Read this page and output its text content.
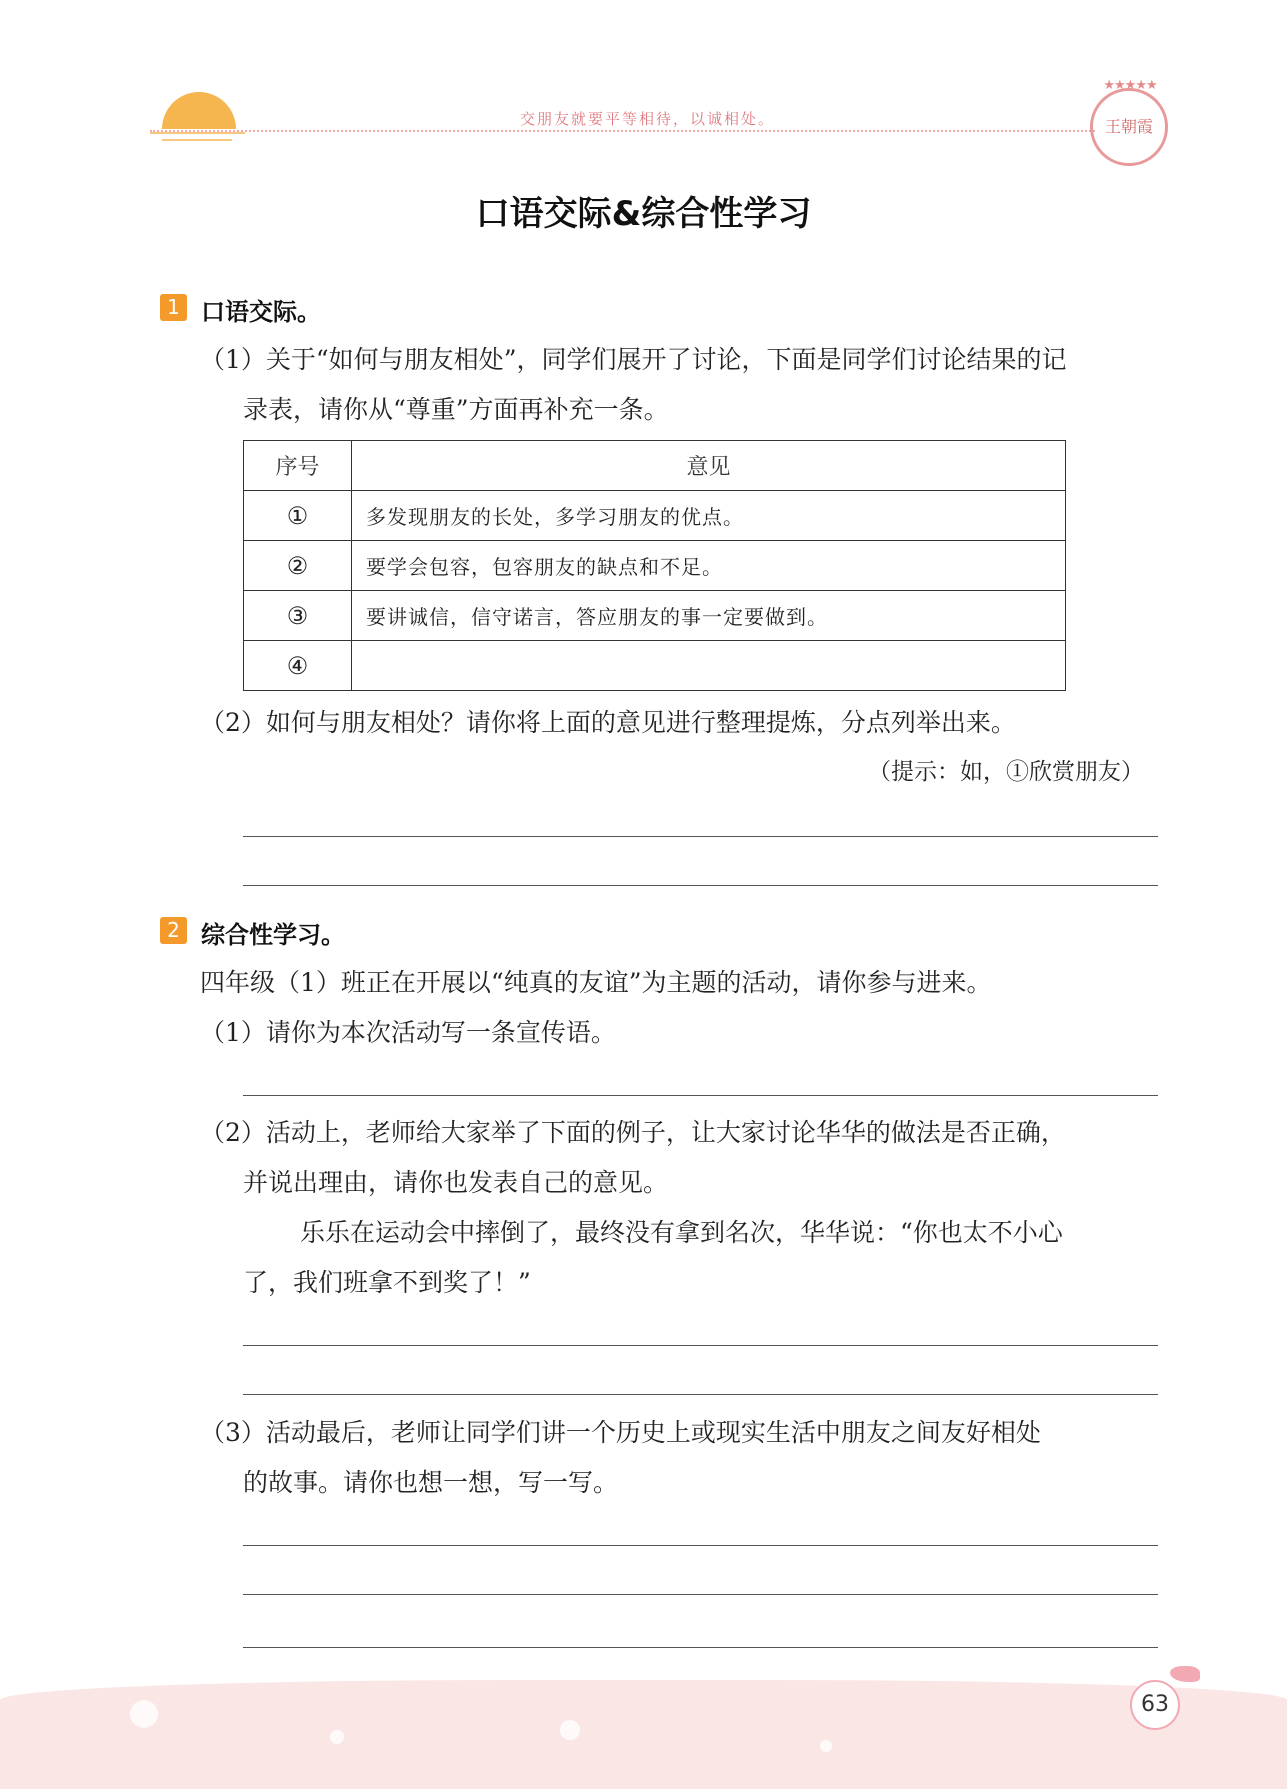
交朋友就要平等相待，以诚相处。
★★★★★
王朝霞
口语交际&综合性学习
1 口语交际。
（1）关于“如何与朋友相处”，同学们展开了讨论，下面是同学们讨论结果的记
录表，请你从“尊重”方面再补充一条。
序号	意见
①	多发现朋友的长处，多学习朋友的优点。
②	要学会包容，包容朋友的缺点和不足。
③	要讲诚信，信守诺言，答应朋友的事一定要做到。
④	
（2）如何与朋友相处？请你将上面的意见进行整理提炼，分点列举出来。
（提示：如，①欣赏朋友）
2 综合性学习。
四年级（1）班正在开展以“纯真的友谊”为主题的活动，请你参与进来。
（1）请你为本次活动写一条宣传语。
（2）活动上，老师给大家举了下面的例子，让大家讨论华华的做法是否正确，
并说出理由，请你也发表自己的意见。
乐乐在运动会中摔倒了，最终没有拿到名次，华华说：“你也太不小心
了，我们班拿不到奖了！”
（3）活动最后，老师让同学们讲一个历史上或现实生活中朋友之间友好相处
的故事。请你也想一想，写一写。
63
